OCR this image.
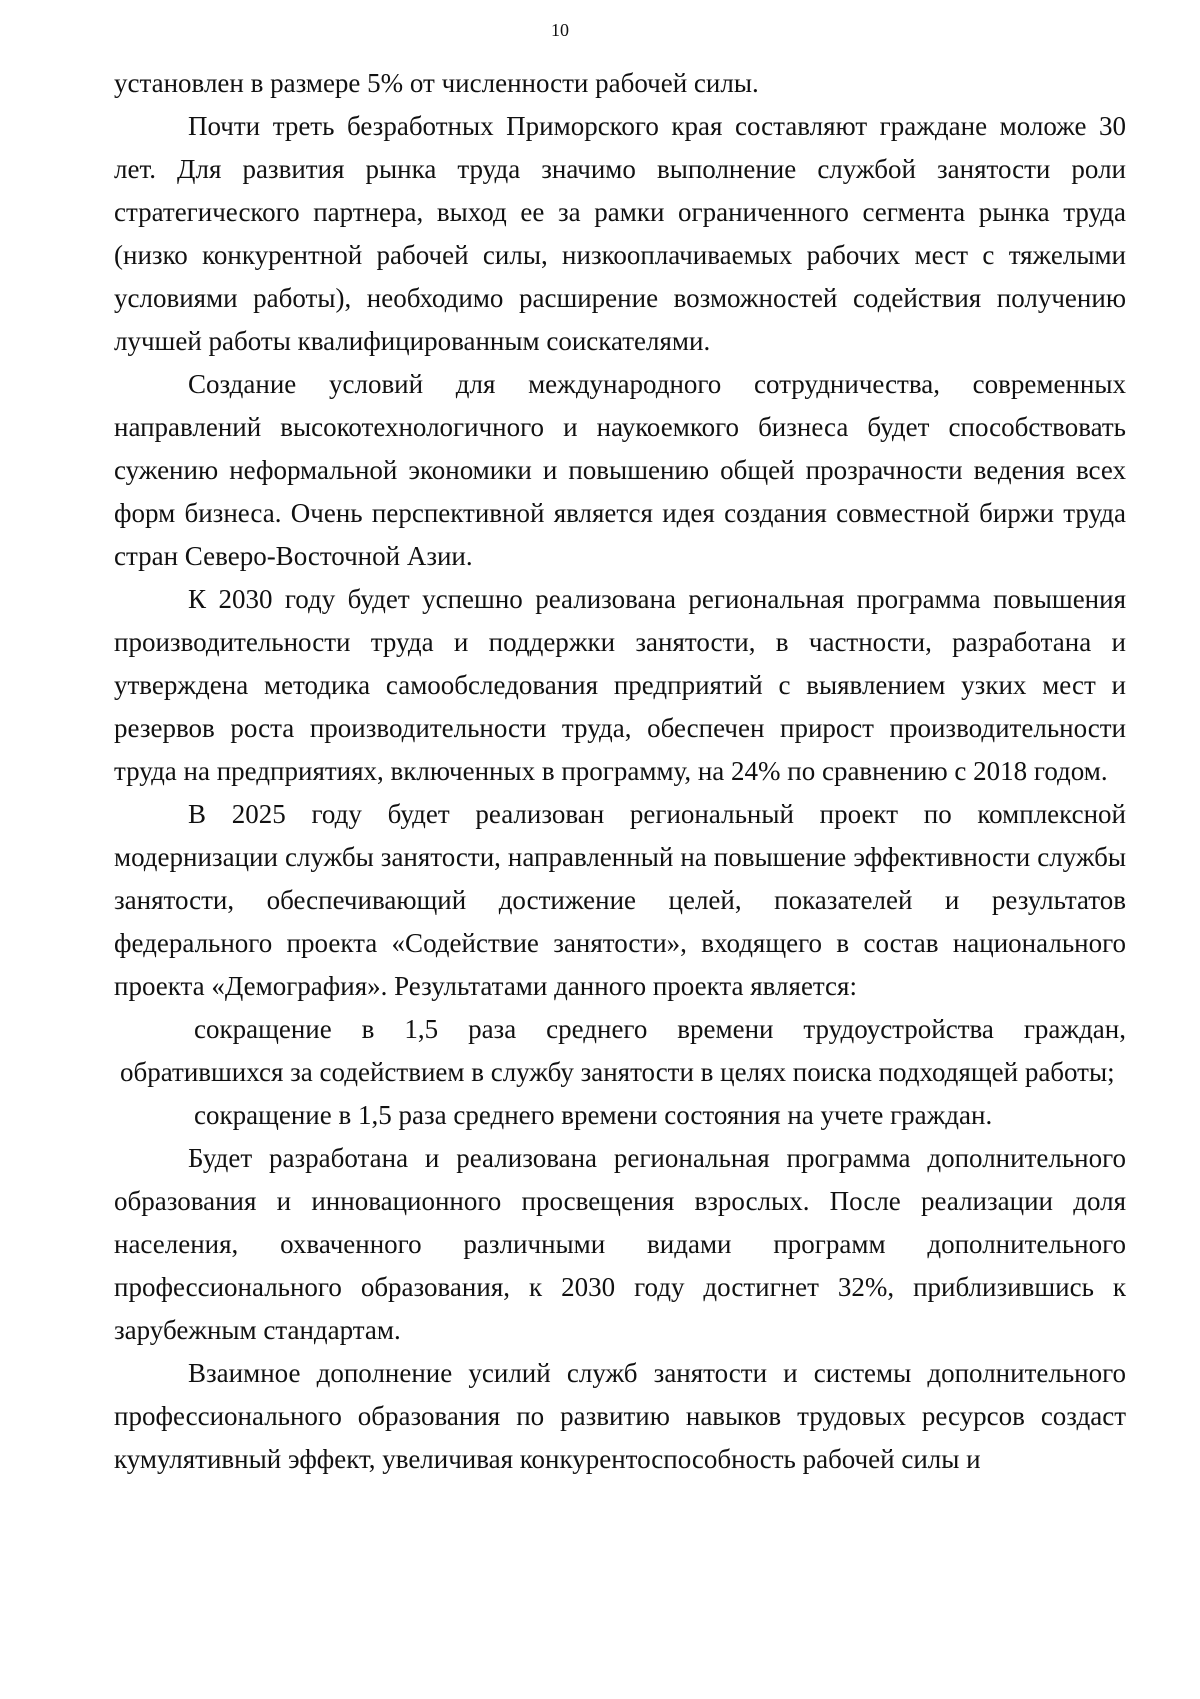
10

установлен в размере 5% от численности рабочей силы.

Почти треть безработных Приморского края составляют граждане моложе 30 лет. Для развития рынка труда значимо выполнение службой занятости роли стратегического партнера, выход ее за рамки ограниченного сегмента рынка труда (низко конкурентной рабочей силы, низкооплачиваемых рабочих мест с тяжелыми условиями работы), необходимо расширение возможностей содействия получению лучшей работы квалифицированным соискателями.

Создание условий для международного сотрудничества, современных направлений высокотехнологичного и наукоемкого бизнеса будет способствовать сужению неформальной экономики и повышению общей прозрачности ведения всех форм бизнеса. Очень перспективной является идея создания совместной биржи труда стран Северо-Восточной Азии.

К 2030 году будет успешно реализована региональная программа повышения производительности труда и поддержки занятости, в частности, разработана и утверждена методика самообследования предприятий с выявлением узких мест и резервов роста производительности труда, обеспечен прирост производительности труда на предприятиях, включенных в программу, на 24% по сравнению с 2018 годом.

В 2025 году будет реализован региональный проект по комплексной модернизации службы занятости, направленный на повышение эффективности службы занятости, обеспечивающий достижение целей, показателей и результатов федерального проекта «Содействие занятости», входящего в состав национального проекта «Демография». Результатами данного проекта является:

сокращение в 1,5 раза среднего времени трудоустройства граждан, обратившихся за содействием в службу занятости в целях поиска подходящей работы;

сокращение в 1,5 раза среднего времени состояния на учете граждан.

Будет разработана и реализована региональная программа дополнительного образования и инновационного просвещения взрослых. После реализации доля населения, охваченного различными видами программ дополнительного профессионального образования, к 2030 году достигнет 32%, приблизившись к зарубежным стандартам.

Взаимное дополнение усилий служб занятости и системы дополнительного профессионального образования по развитию навыков трудовых ресурсов создаст кумулятивный эффект, увеличивая конкурентоспособность рабочей силы и
